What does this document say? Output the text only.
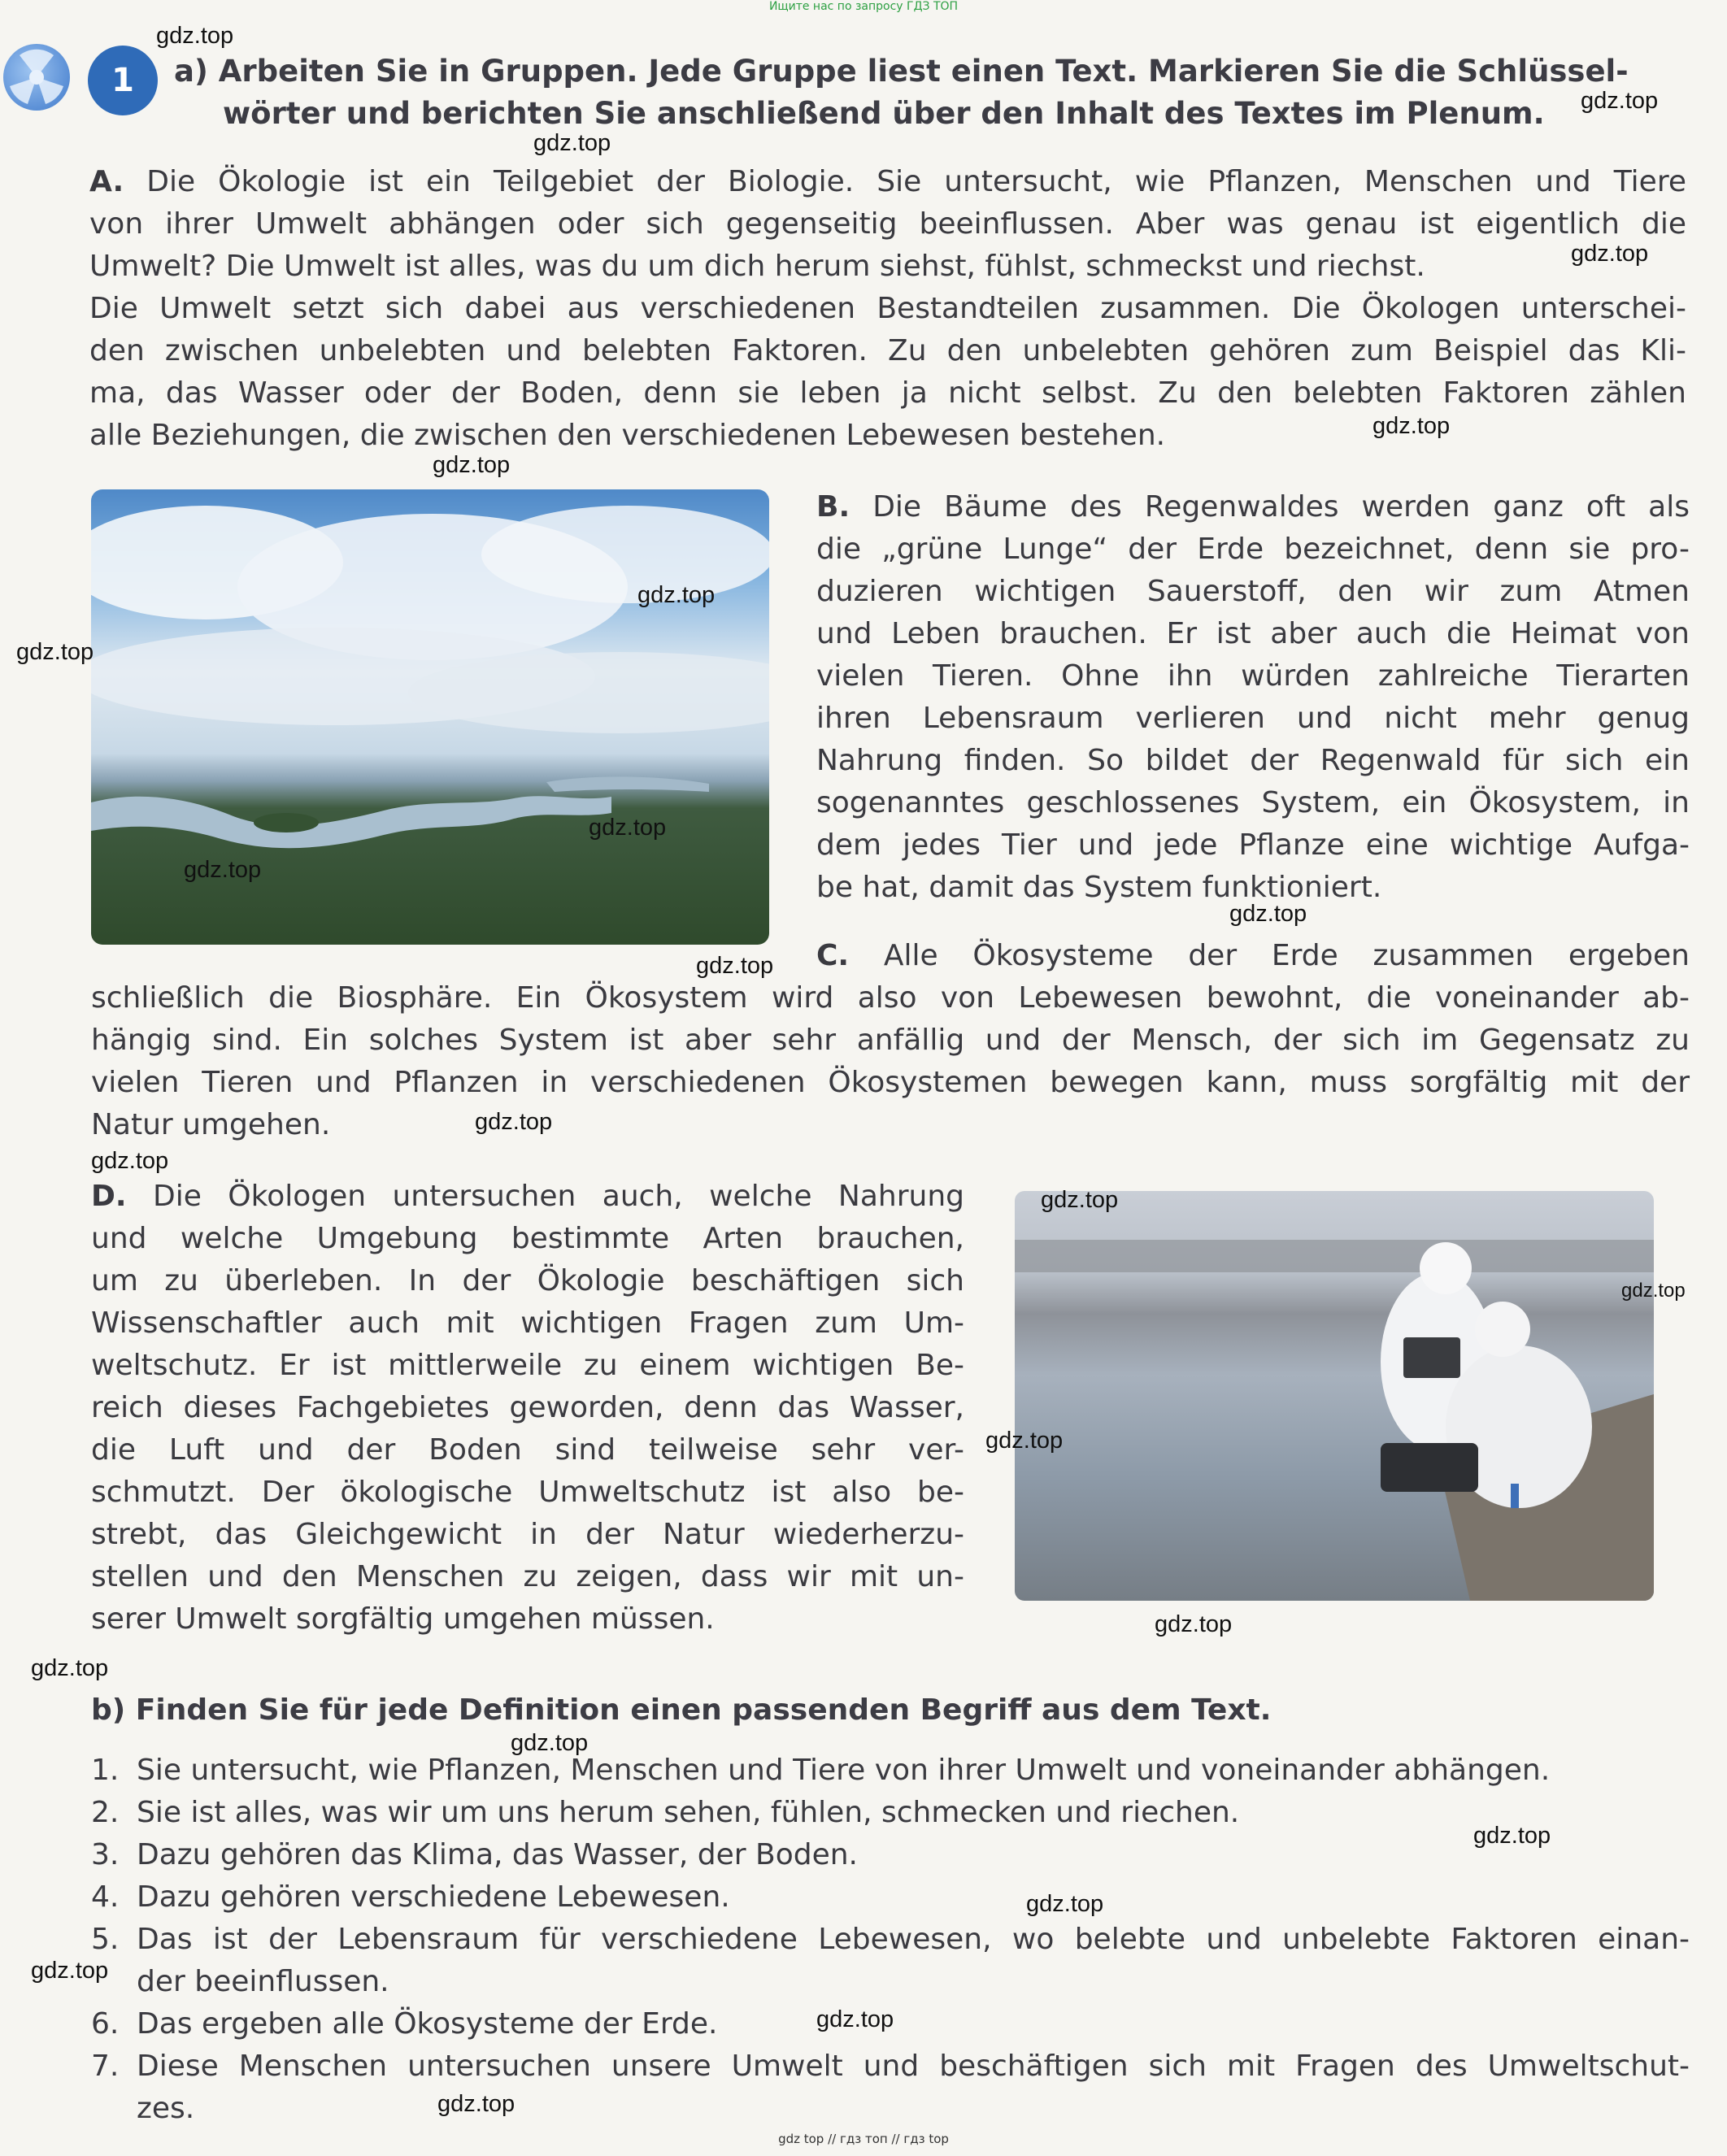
Ищите нас по запросу ГДЗ ТОП
1	a) Arbeiten Sie in Gruppen. Jede Gruppe liest einen Text. Markieren Sie die Schlüssel-
wörter und berichten Sie anschließend über den Inhalt des Textes im Plenum.
A. Die Ökologie ist ein Teilgebiet der Biologie. Sie untersucht, wie Pflanzen, Menschen und Tiere
von ihrer Umwelt abhängen oder sich gegenseitig beeinflussen. Aber was genau ist eigentlich die
Umwelt? Die Umwelt ist alles, was du um dich herum siehst, fühlst, schmeckst und riechst.
Die Umwelt setzt sich dabei aus verschiedenen Bestandteilen zusammen. Die Ökologen unterschei-
den zwischen unbelebten und belebten Faktoren. Zu den unbelebten gehören zum Beispiel das Kli-
ma, das Wasser oder der Boden, denn sie leben ja nicht selbst. Zu den belebten Faktoren zählen
alle Beziehungen, die zwischen den verschiedenen Lebewesen bestehen.
B. Die Bäume des Regenwaldes werden ganz oft als
die „grüne Lunge“ der Erde bezeichnet, denn sie pro-
duzieren wichtigen Sauerstoff, den wir zum Atmen
und Leben brauchen. Er ist aber auch die Heimat von
vielen Tieren. Ohne ihn würden zahlreiche Tierarten
ihren Lebensraum verlieren und nicht mehr genug
Nahrung finden. So bildet der Regenwald für sich ein
sogenanntes geschlossenes System, ein Ökosystem, in
dem jedes Tier und jede Pflanze eine wichtige Aufga-
be hat, damit das System funktioniert.
C. Alle Ökosysteme der Erde zusammen ergeben
schließlich die Biosphäre. Ein Ökosystem wird also von Lebewesen bewohnt, die voneinander ab-
hängig sind. Ein solches System ist aber sehr anfällig und der Mensch, der sich im Gegensatz zu
vielen Tieren und Pflanzen in verschiedenen Ökosystemen bewegen kann, muss sorgfältig mit der
Natur umgehen.
D. Die Ökologen untersuchen auch, welche Nahrung
und welche Umgebung bestimmte Arten brauchen,
um zu überleben. In der Ökologie beschäftigen sich
Wissenschaftler auch mit wichtigen Fragen zum Um-
weltschutz. Er ist mittlerweile zu einem wichtigen Be-
reich dieses Fachgebietes geworden, denn das Wasser,
die Luft und der Boden sind teilweise sehr ver-
schmutzt. Der ökologische Umweltschutz ist also be-
strebt, das Gleichgewicht in der Natur wiederherzu-
stellen und den Menschen zu zeigen, dass wir mit un-
serer Umwelt sorgfältig umgehen müssen.
b) Finden Sie für jede Definition einen passenden Begriff aus dem Text.
1. Sie untersucht, wie Pflanzen, Menschen und Tiere von ihrer Umwelt und voneinander abhängen.
2. Sie ist alles, was wir um uns herum sehen, fühlen, schmecken und riechen.
3. Dazu gehören das Klima, das Wasser, der Boden.
4. Dazu gehören verschiedene Lebewesen.
5. Das ist der Lebensraum für verschiedene Lebewesen, wo belebte und unbelebte Faktoren einan-
der beeinflussen.
6. Das ergeben alle Ökosysteme der Erde.
7. Diese Menschen untersuchen unsere Umwelt und beschäftigen sich mit Fragen des Umweltschut-
zes.
gdz.top
gdz.top
gdz.top
gdz.top
gdz.top
gdz.top
gdz.top
gdz.top
gdz.top
gdz.top
gdz.top
gdz.top
gdz.top
gdz.top
gdz.top
gdz.top
gdz.top
gdz.top
gdz.top
gdz.top
gdz.top
gdz.top
gdz.top
gdz.top
gdz.top
gdz top // гдз топ // гдз top
